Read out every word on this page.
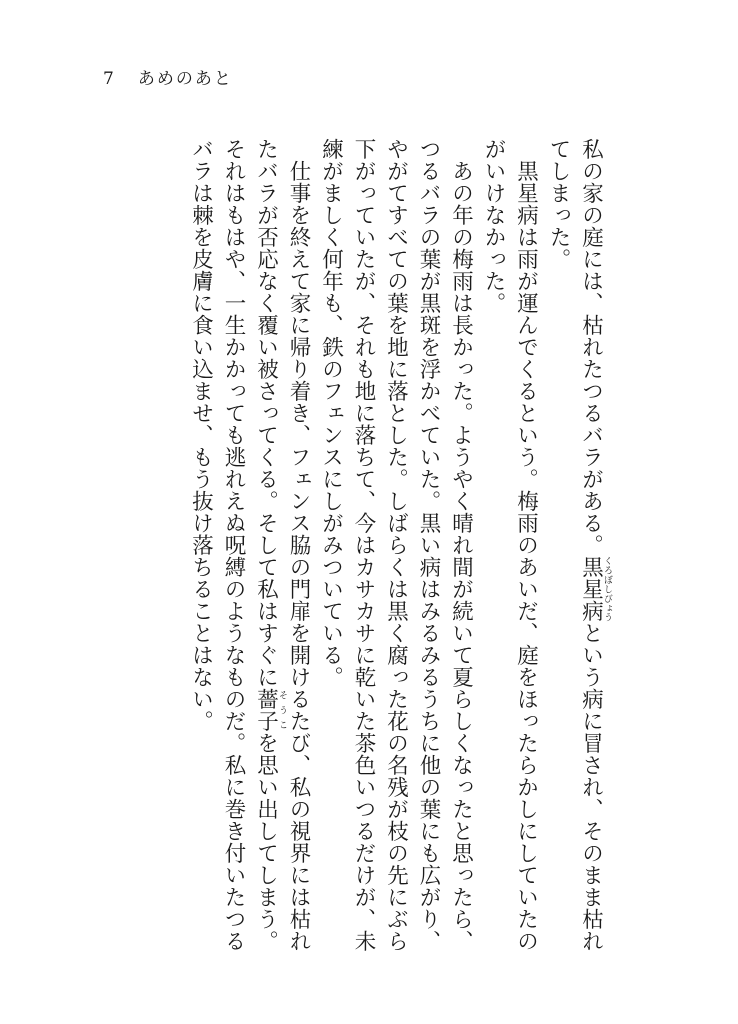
7 あめのあと

私の家の庭には、枯れたつるバラがある。黒星病くろぼしびょうという病に冒され、そのまま枯れてしまった。

黒星病は雨が運んでくるという。梅雨のあいだ、庭をほったらかしにしていたのがいけなかった。

あの年の梅雨は長かった。ようやく晴れ間が続いて夏らしくなったと思ったら、つるバラの葉が黒斑を浮かべていた。黒い病はみるみるうちに他の葉にも広がり、やがてすべての葉を地に落とした。しばらくは黒く腐った花の名残が枝の先にぶら下がっていたが、それも地に落ちて、今はカサカサに乾いた茶色いつるだけが、未練がましく何年も、鉄のフェンスにしがみついている。

仕事を終えて家に帰り着き、フェンス脇の門扉を開けるたび、私の視界には枯れたバラが否応なく覆い被さってくる。そして私はすぐに薔子そうこを思い出してしまう。それはもはや、一生かかっても逃れえぬ呪縛のようなものだ。私に巻き付いたつるバラは棘を皮膚に食い込ませ、もう抜け落ちることはない。
